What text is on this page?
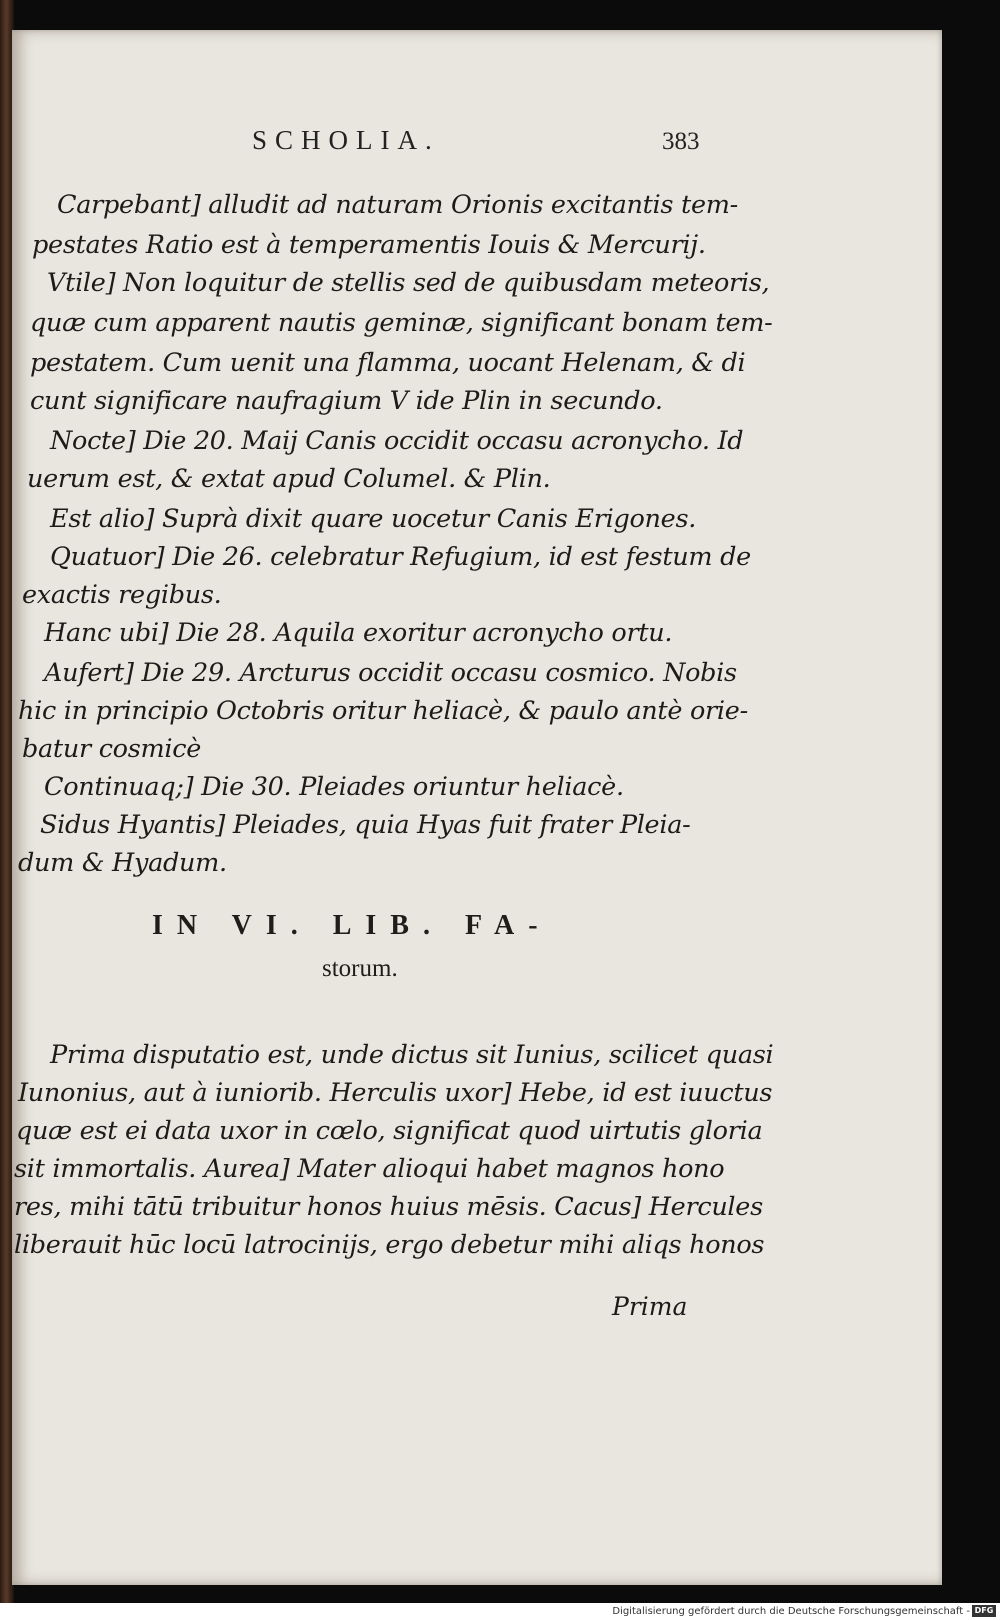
SCHOLIA.	383
Carpebant] alludit ad naturam Orionis excitantis tem-
pestates Ratio est à temperamentis Iouis & Mercurij.
Vtile] Non loquitur de stellis sed de quibusdam meteoris,
quæ cum apparent nautis geminæ, significant bonam tem-
pestatem. Cum uenit una flamma, uocant Helenam, & di
cunt significare naufragium V ide Plin in secundo.
Nocte] Die 20. Maij Canis occidit occasu acronycho. Id
uerum est, & extat apud Columel. & Plin.
Est alio] Suprà dixit quare uocetur Canis Erigones.
Quatuor] Die 26. celebratur Refugium, id est festum de
exactis regibus.
Hanc ubi] Die 28. Aquila exoritur acronycho ortu.
Aufert] Die 29. Arcturus occidit occasu cosmico. Nobis
hic in principio Octobris oritur heliacè, & paulo antè orie-
batur cosmicè
Continuaq;] Die 30. Pleiades oriuntur heliacè.
Sidus Hyantis] Pleiades, quia Hyas fuit frater Pleia-
dum & Hyadum.
IN VI. LIB. FA-
storum.
Prima disputatio est, unde dictus sit Iunius, scilicet quasi
Iunonius, aut à iuniorib. Herculis uxor] Hebe, id est iuuctus
quæ est ei data uxor in cœlo, significat quod uirtutis gloria
sit immortalis. Aurea] Mater alioqui habet magnos hono
res, mihi tātū tribuitur honos huius mēsis. Cacus] Hercules
liberauit hūc locū latrocinijs, ergo debetur mihi aliqs honos
Prima
Digitalisierung gefördert durch die Deutsche Forschungsgemeinschaft - DFG
